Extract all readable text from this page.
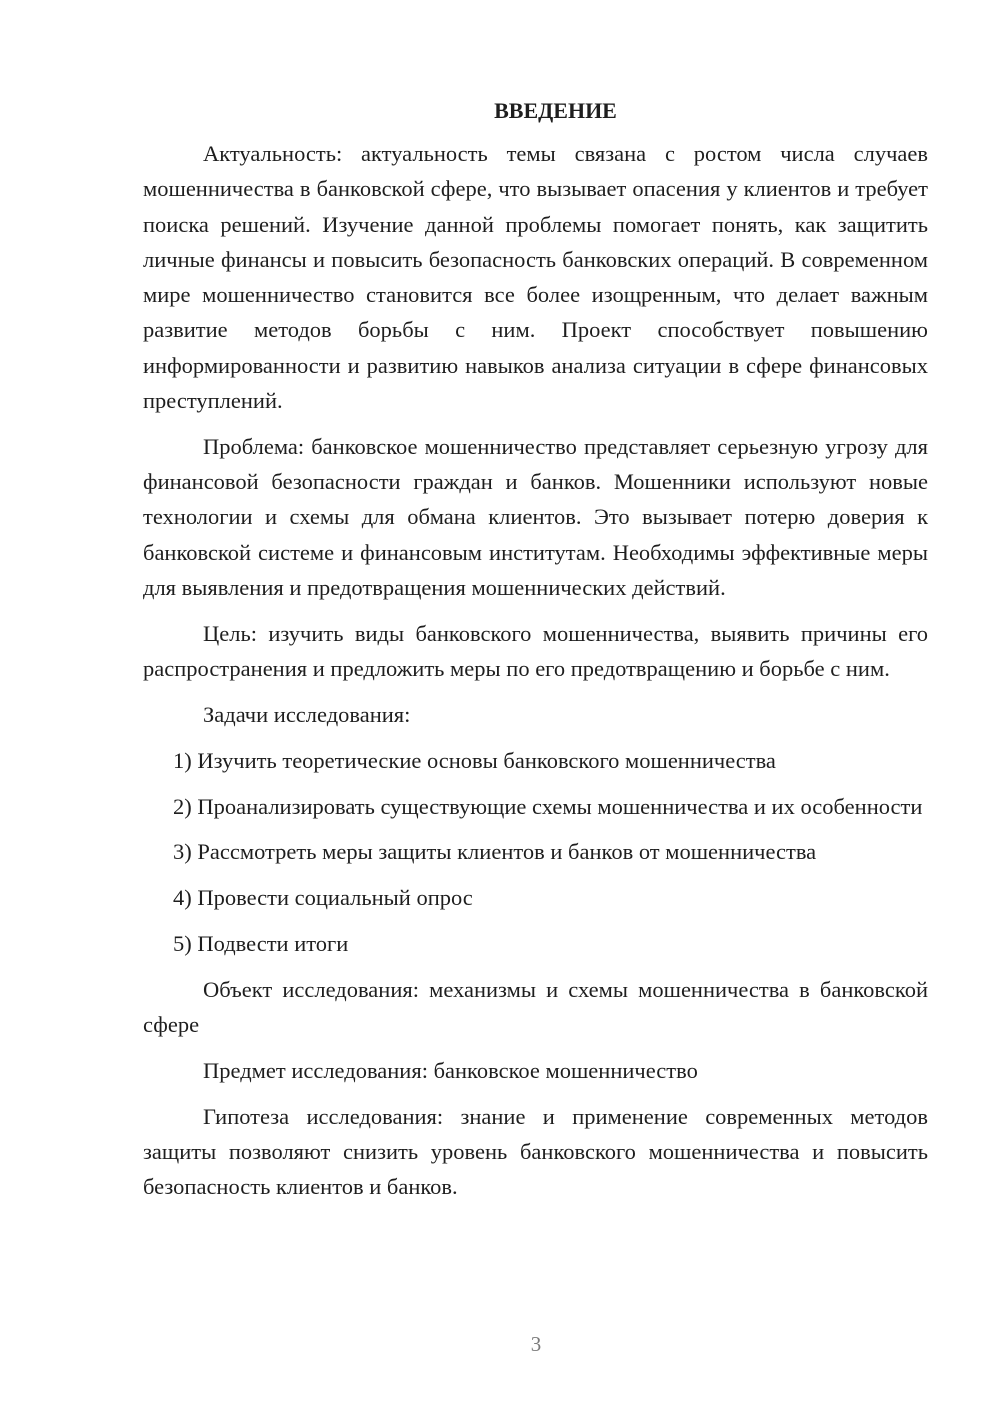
ВВЕДЕНИЕ

Актуальность: актуальность темы связана с ростом числа случаев мошенничества в банковской сфере, что вызывает опасения у клиентов и требует поиска решений. Изучение данной проблемы помогает понять, как защитить личные финансы и повысить безопасность банковских операций. В современном мире мошенничество становится все более изощренным, что делает важным развитие методов борьбы с ним. Проект способствует повышению информированности и развитию навыков анализа ситуации в сфере финансовых преступлений.

Проблема: банковское мошенничество представляет серьезную угрозу для финансовой безопасности граждан и банков. Мошенники используют новые технологии и схемы для обмана клиентов. Это вызывает потерю доверия к банковской системе и финансовым институтам. Необходимы эффективные меры для выявления и предотвращения мошеннических действий.

Цель: изучить виды банковского мошенничества, выявить причины его распространения и предложить меры по его предотвращению и борьбе с ним.

Задачи исследования:

1) Изучить теоретические основы банковского мошенничества

2) Проанализировать существующие схемы мошенничества и их особенности

3) Рассмотреть меры защиты клиентов и банков от мошенничества

4) Провести социальный опрос

5) Подвести итоги

Объект исследования: механизмы и схемы мошенничества в банковской сфере

Предмет исследования: банковское мошенничество

Гипотеза исследования: знание и применение современных методов защиты позволяют снизить уровень банковского мошенничества и повысить безопасность клиентов и банков.

3
